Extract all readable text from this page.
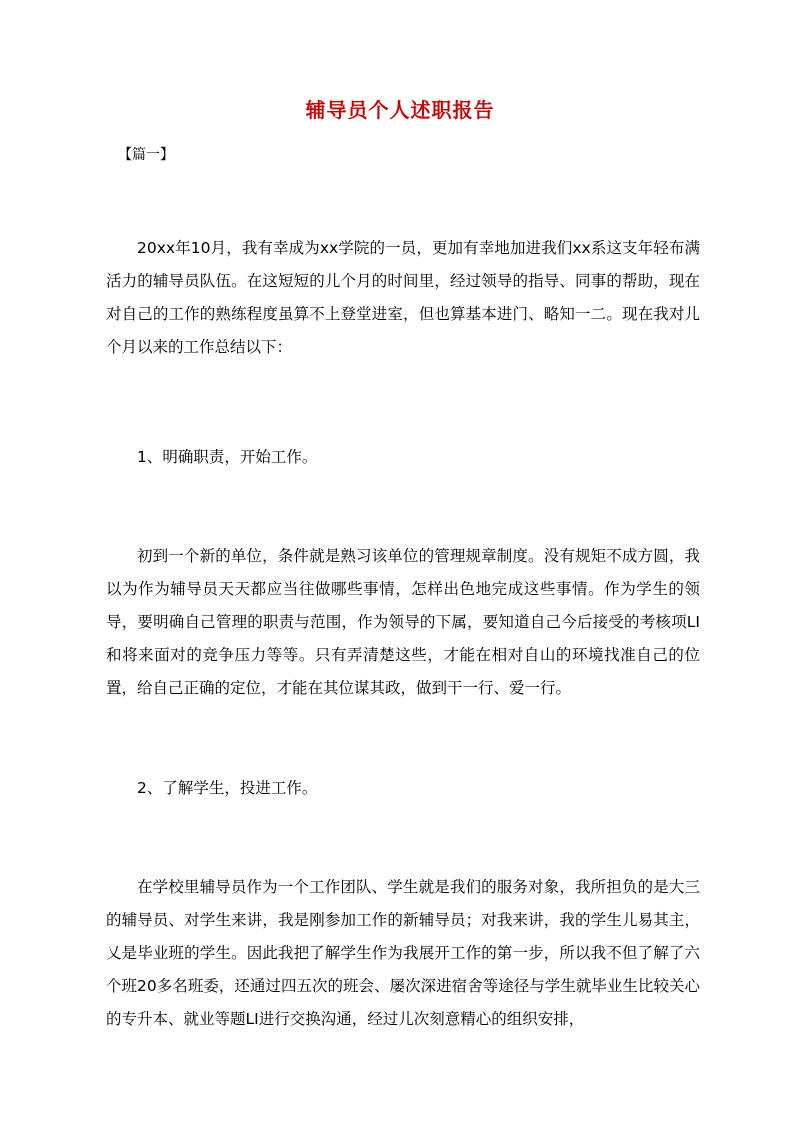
辅导员个人述职报告
【篇一】

20xx年10月，我有幸成为xx学院的一员，更加有幸地加进我们xx系这支年轻布满活力的辅导员队伍。在这短短的儿个月的时间里，经过领导的指导、同事的帮助，现在对自己的工作的熟练程度虽算不上登堂进室，但也算基本进门、略知一二。现在我对儿个月以来的工作总结以下：

1、明确职责，开始工作。

初到一个新的单位，条件就是熟习该单位的管理规章制度。没有规矩不成方圆，我以为作为辅导员天天都应当往做哪些事情，怎样出色地完成这些事情。作为学生的领导，要明确自己管理的职责与范围，作为领导的下属，要知道自己今后接受的考核项LI和将来面对的竞争压力等等。只有弄清楚这些，才能在相对自山的环境找准自己的位置，给自己正确的定位，才能在其位谋其政，做到干一行、爱一行。

2、了解学生，投进工作。

在学校里辅导员作为一个工作团队、学生就是我们的服务对象，我所担负的是大三的辅导员、对学生来讲，我是刚参加工作的新辅导员；对我来讲，我的学生儿易其主，乂是毕业班的学生。因此我把了解学生作为我展开工作的第一步，所以我不但了解了六个班20多名班委，还通过四五次的班会、屡次深进宿舍等途径与学生就毕业生比较关心的专升本、就业等题LI进行交换沟通，经过儿次刻意精心的组织安排，
